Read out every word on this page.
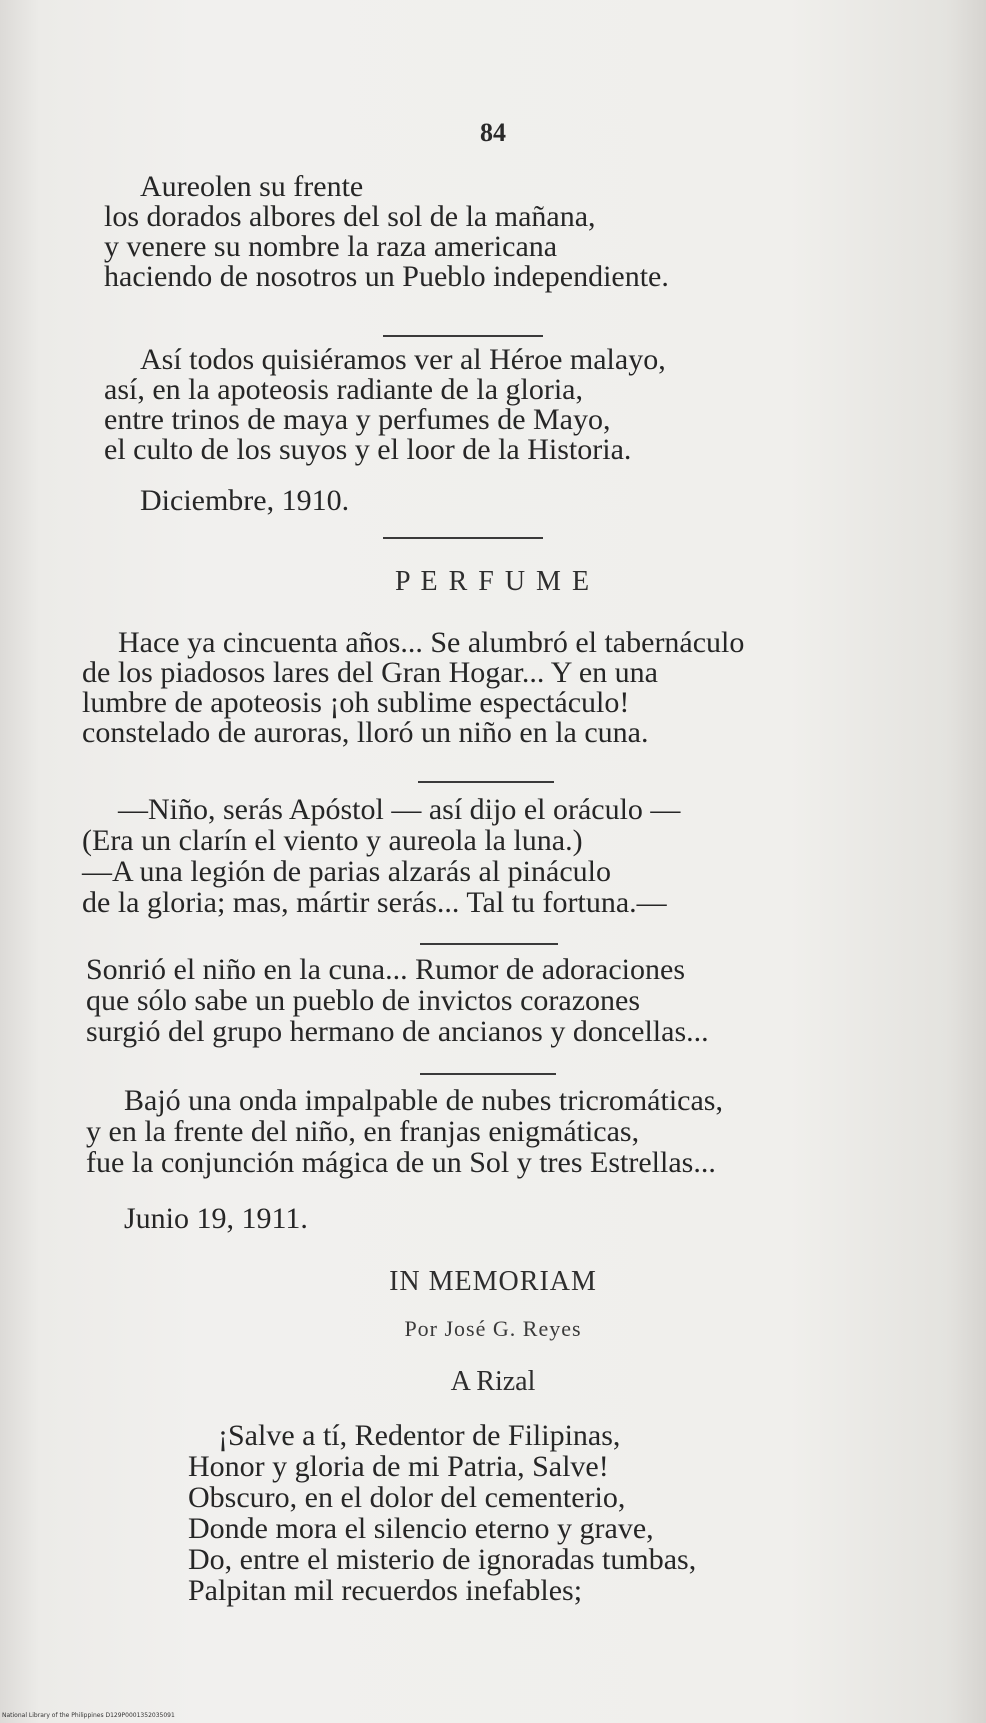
84
Aureolen su frente
los dorados albores del sol de la mañana,
y venere su nombre la raza americana
haciendo de nosotros un Pueblo independiente.
Así todos quisiéramos ver al Héroe malayo,
así, en la apoteosis radiante de la gloria,
entre trinos de maya y perfumes de Mayo,
el culto de los suyos y el loor de la Historia.
Diciembre, 1910.
P E R F U M E
Hace ya cincuenta años... Se alumbró el tabernáculo
de los piadosos lares del Gran Hogar... Y en una
lumbre de apoteosis ¡oh sublime espectáculo!
constelado de auroras, lloró un niño en la cuna.
—Niño, serás Apóstol — así dijo el oráculo —
(Era un clarín el viento y aureola la luna.)
—A una legión de parias alzarás al pináculo
de la gloria; mas, mártir serás... Tal tu fortuna.—
Sonrió el niño en la cuna... Rumor de adoraciones
que sólo sabe un pueblo de invictos corazones
surgió del grupo hermano de ancianos y doncellas...
Bajó una onda impalpable de nubes tricromáticas,
y en la frente del niño, en franjas enigmáticas,
fue la conjunción mágica de un Sol y tres Estrellas...
Junio 19, 1911.
IN MEMORIAM
Por José G. Reyes
A Rizal
¡Salve a tí, Redentor de Filipinas,
Honor y gloria de mi Patria, Salve!
Obscuro, en el dolor del cementerio,
Donde mora el silencio eterno y grave,
Do, entre el misterio de ignoradas tumbas,
Palpitan mil recuerdos inefables;
National Library of the Philippines D129P0001352035091
